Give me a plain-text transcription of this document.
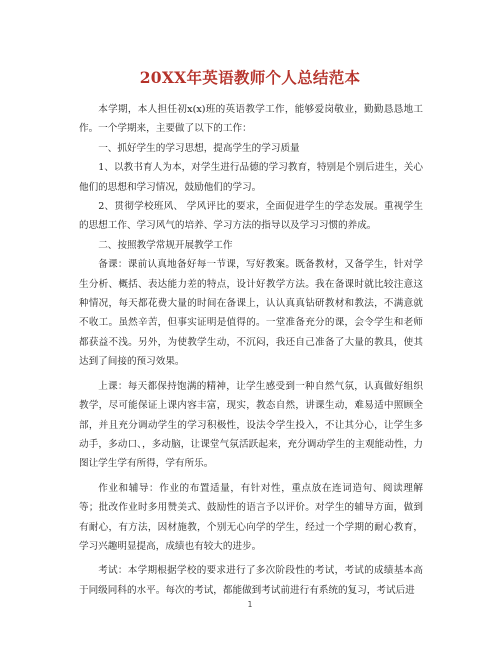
20XX年英语教师个人总结范本

本学期，本人担任初x(x)班的英语教学工作，能够爱岗敬业，勤勤恳恳地工作。一个学期来，主要做了以下的工作：

一、抓好学生的学习思想，提高学生的学习质量

1、以教书育人为本，对学生进行品德的学习教育，特别是个别后进生，关心他们的思想和学习情况，鼓励他们的学习。

2、贯彻学校班风、 学风评比的要求，全面促进学生的学态发展。重视学生的思想工作、学习风气的培养、学习方法的指导以及学习习惯的养成。

二、按照教学常规开展教学工作

备课：课前认真地备好每一节课，写好教案。既备教材，又备学生，针对学生分析、概括、表达能力差的特点，设计好教学方法。我在备课时就比较注意这种情况，每天都花费大量的时间在备课上，认认真真钻研教材和教法，不满意就不收工。虽然辛苦，但事实证明是值得的。一堂准备充分的课，会令学生和老师都获益不浅。另外，为使教学生动，不沉闷，我还自己准备了大量的教具，使其达到了间接的预习效果。

上课：每天都保持饱满的精神，让学生感受到一种自然气氛，认真做好组织教学，尽可能保证上课内容丰富，现实，教态自然，讲课生动，难易适中照顾全部，并且充分调动学生的学习积极性，设法令学生投入，不让其分心，让学生多动手，多动口、，多动脑，让课堂气氛活跃起来，充分调动学生的主观能动性，力图让学生学有所得，学有所乐。

作业和辅导：作业的布置适量，有针对性，重点放在连词造句、阅读理解等；批改作业时多用赞美式、鼓励性的语言予以评价。对学生的辅导方面，做到有耐心，有方法，因材施教，个别无心向学的学生，经过一个学期的耐心教育，学习兴趣明显提高，成绩也有较大的进步。

考试：本学期根据学校的要求进行了多次阶段性的考试，考试的成绩基本高于同级同科的水平。每次的考试，都能做到考试前进行有系统的复习，考试后进

1
